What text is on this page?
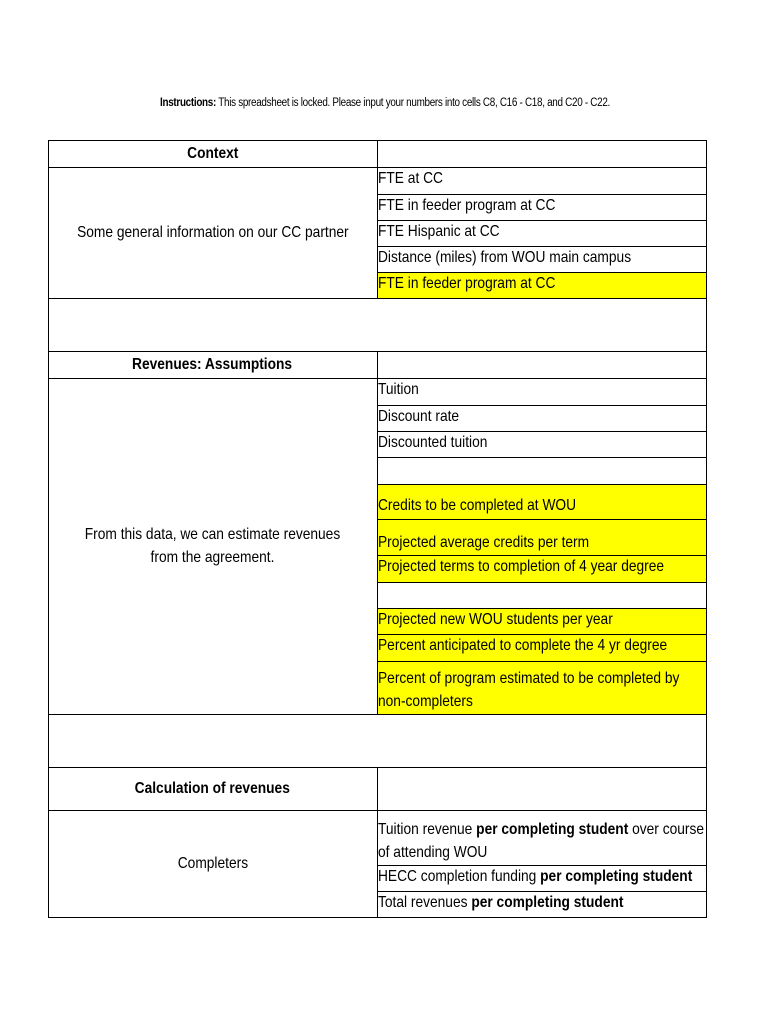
Instructions: This spreadsheet is locked. Please input your numbers into cells C8, C16 - C18, and C20 - C22.
Context
Some general information on our CC partner
FTE at CC
FTE in feeder program at CC
FTE Hispanic at CC
Distance (miles) from WOU main campus
FTE in feeder program at CC
Revenues: Assumptions
From this data, we can estimate revenues from the agreement.
Tuition
Discount rate
Discounted tuition
Credits to be completed at WOU
Projected average credits per term
Projected terms to completion of 4 year degree
Projected new WOU students per year
Percent anticipated to complete the 4 yr degree
Percent of program estimated to be completed by non-completers
Calculation of revenues
Completers
Tuition revenue per completing student over course of attending WOU
HECC completion funding per completing student
Total revenues per completing student
